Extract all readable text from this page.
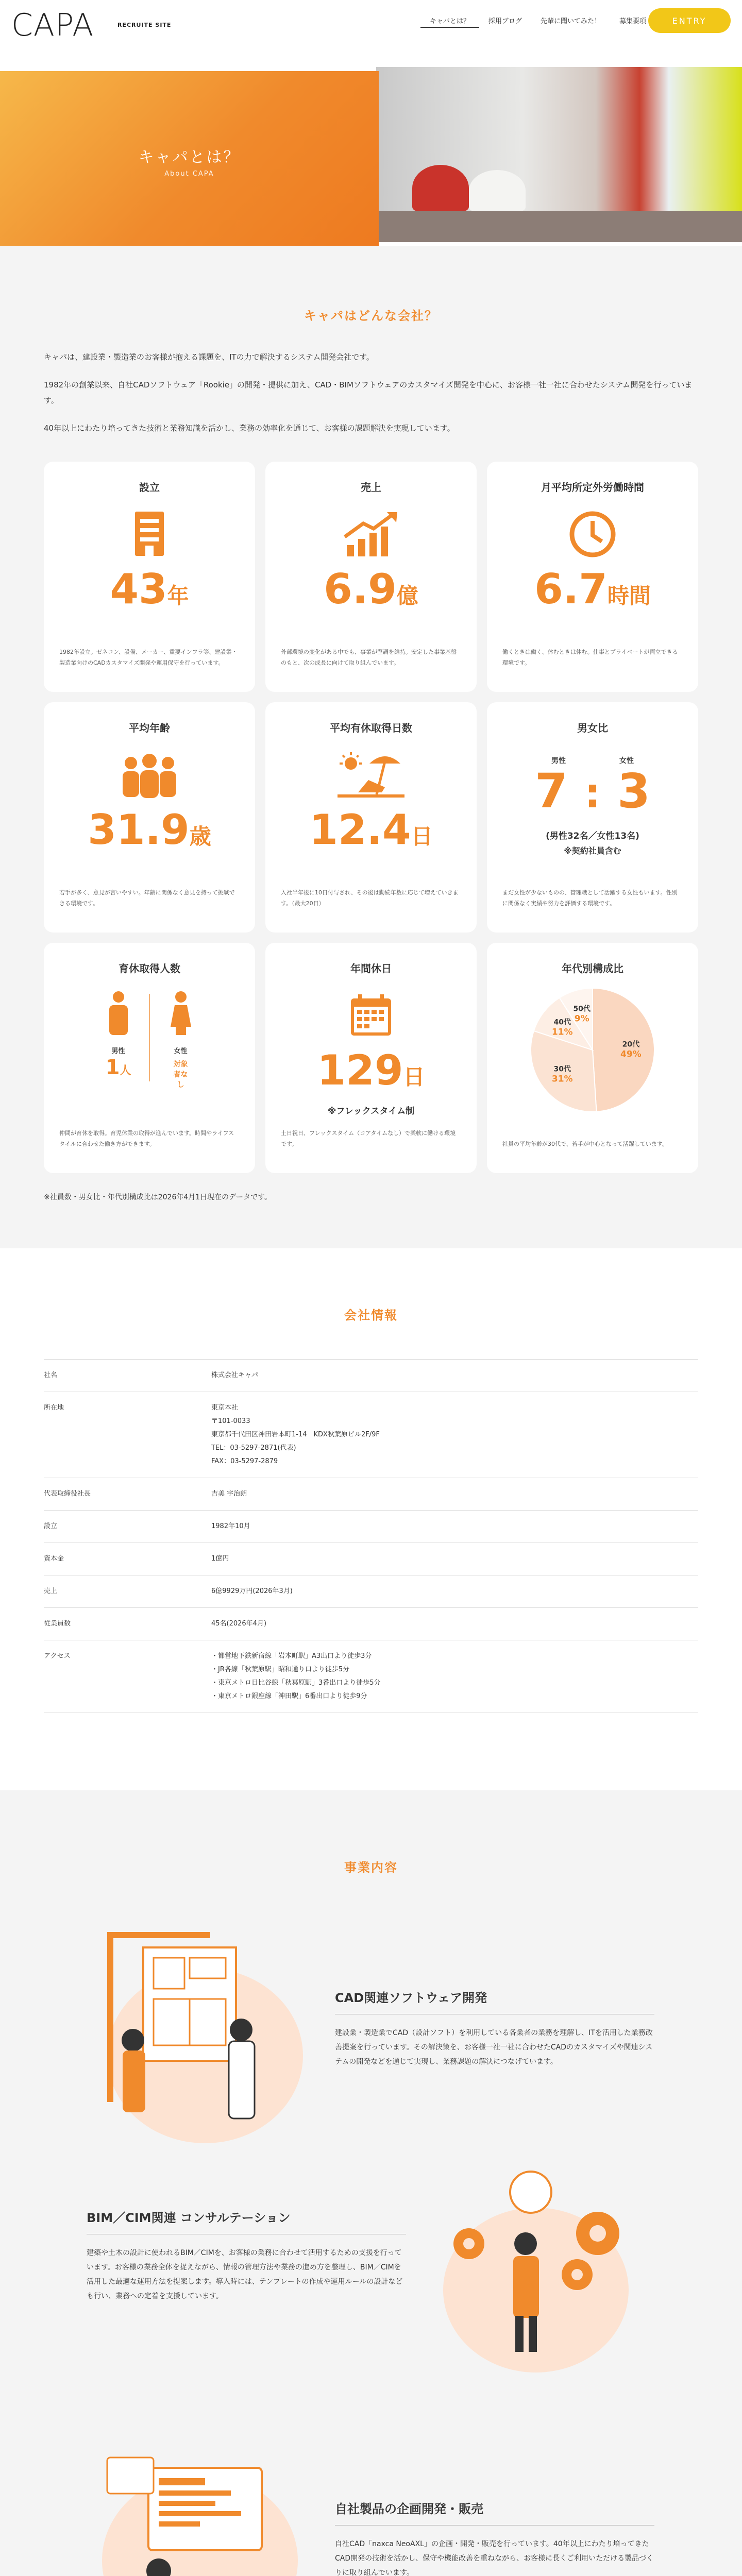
CAPA	RECRUITE SITE	キャパとは？	採用ブログ	先輩に聞いてみた！	募集要項	ENTRY
キャパとは？
About CAPA
キャパはどんな会社？

キャパは、建設業・製造業のお客様が抱える課題を、ITの力で解決するシステム開発会社です。

1982年の創業以来、自社CADソフトウェア「Rookie」の開発・提供に加え、CAD・BIMソフトウェアのカスタマイズ開発を中心に、お客様一社一社に合わせたシステム開発を行っています。

40年以上にわたり培ってきた技術と業務知識を活かし、業務の効率化を通じて、お客様の課題解決を実現しています。

設立
43年
1982年設立。ゼネコン、設備、メーカー、重要インフラ等、建設業・製造業向けのCADカスタマイズ開発や運用保守を行っています。
売上
6.9億
外部環境の変化がある中でも、事業が堅調を維持。安定した事業基盤のもと、次の成長に向けて取り組んでいます。
月平均所定外労働時間
6.7時間
働くときは働く、休むときは休む。仕事とプライベートが両立できる環境です。
平均年齢
31.9歳
若手が多く、意見が言いやすい。年齢に関係なく意見を持って挑戦できる環境です。
平均有休取得日数
12.4日
入社半年後に10日付与され、その後は勤続年数に応じて増えていきます。（最大20日）
男女比
男性	女性
7 : 3
(男性32名／女性13名)
※契約社員含む
まだ女性が少ないものの、管理職として活躍する女性もいます。性別に関係なく実績や努力を評価する環境です。
育休取得人数
男性
1人
女性
対象者なし
仲間が育休を取得。育児休業の取得が進んでいます。時間やライフスタイルに合わせた働き方ができます。
年間休日
129日
※フレックスタイム制
土日祝日、フレックスタイム（コアタイムなし）で柔軟に働ける環境です。
年代別構成比
20代
49%
30代
31%
40代
11%
50代
9%
社員の平均年齢が30代で、若手が中心となって活躍しています。
※社員数・男女比・年代別構成比は2026年4月1日現在のデータです。
会社情報
社名	株式会社キャパ
所在地	東京本社
〒101-0033
東京都千代田区神田岩本町1-14　KDX秋葉原ビル2F/9F
TEL：03-5297-2871(代表)
FAX：03-5297-2879
代表取締役社長	吉美 宇治朗
設立	1982年10月
資本金	1億円
売上	6億9929万円(2026年3月)
従業員数	45名(2026年4月)
アクセス	・都営地下鉄新宿線「岩本町駅」A3出口より徒歩3分
・JR各線「秋葉原駅」昭和通り口より徒歩5分
・東京メトロ日比谷線「秋葉原駅」3番出口より徒歩5分
・東京メトロ銀座線「神田駅」6番出口より徒歩9分
事業内容
CAD関連ソフトウェア開発
建設業・製造業でCAD（設計ソフト）を利用している各業者の業務を理解し、ITを活用した業務改善提案を行っています。その解決策を、お客様一社一社に合わせたCADのカスタマイズや関連システムの開発などを通じて実現し、業務課題の解決につなげています。
BIM／CIM関連 コンサルテーション
建築や土木の設計に使われるBIM／CIMを、お客様の業務に合わせて活用するための支援を行っています。お客様の業務全体を捉えながら、情報の管理方法や業務の進め方を整理し、BIM／CIMを活用した最適な運用方法を提案します。導入時には、テンプレートの作成や運用ルールの設計なども行い、業務への定着を支援しています。
自社製品の企画開発・販売
自社CAD「naxca NeoAXL」の企画・開発・販売を行っています。40年以上にわたり培ってきたCAD開発の技術を活かし、保守や機能改善を重ねながら、お客様に長くご利用いただける製品づくりに取り組んでいます。
